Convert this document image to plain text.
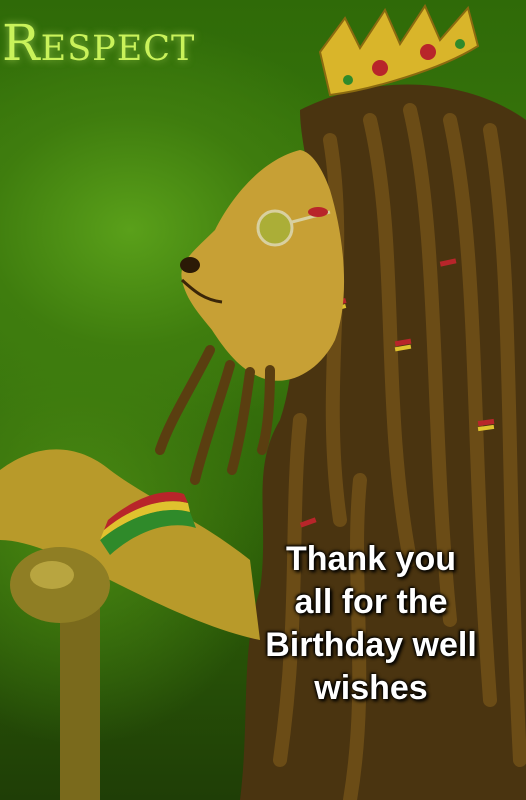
Respect
Thank you
all for the
Birthday well
wishes
